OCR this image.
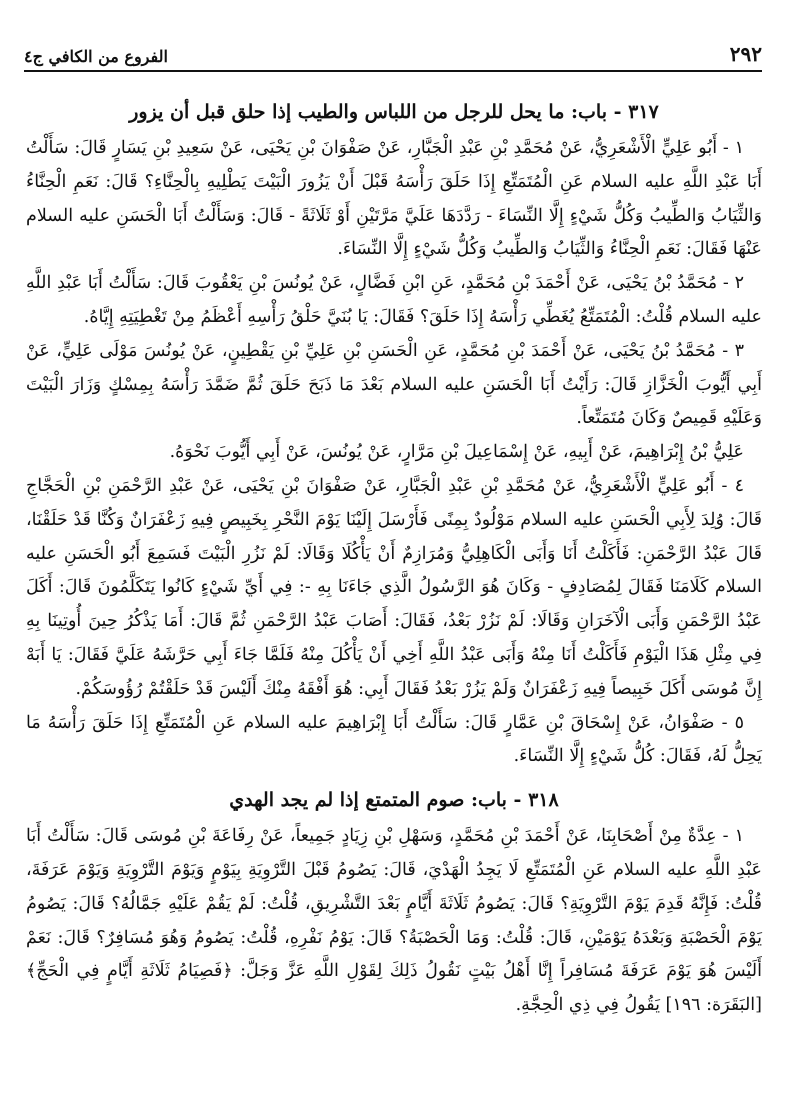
٢٩٢
الفروع من الكافي ج٤
٣١٧ - باب: ما يحل للرجل من اللباس والطيب إذا حلق قبل أن يزور

١ - أَبُو عَلِيٍّ الْأَشْعَرِيُّ، عَنْ مُحَمَّدِ بْنِ عَبْدِ الْجَبَّارِ، عَنْ صَفْوَانَ بْنِ يَحْيَى، عَنْ سَعِيدِ بْنِ يَسَارٍ قَالَ: سَأَلْتُ أَبَا عَبْدِ اللَّهِ عليه السلام عَنِ الْمُتَمَتِّعِ إِذَا حَلَقَ رَأْسَهُ قَبْلَ أَنْ يَزُورَ الْبَيْتَ يَطْلِيهِ بِالْحِنَّاءِ؟ قَالَ: نَعَمِ الْحِنَّاءُ وَالثِّيَابُ وَالطِّيبُ وَكُلُّ شَيْءٍ إِلَّا النِّسَاءَ - رَدَّدَهَا عَلَيَّ مَرَّتَيْنِ أَوْ ثَلَاثَةً - قَالَ: وَسَأَلْتُ أَبَا الْحَسَنِ عليه السلام عَنْهَا فَقَالَ: نَعَمِ الْحِنَّاءُ وَالثِّيَابُ وَالطِّيبُ وَكُلُّ شَيْءٍ إِلَّا النِّسَاءَ.

٢ - مُحَمَّدُ بْنُ يَحْيَى، عَنْ أَحْمَدَ بْنِ مُحَمَّدٍ، عَنِ ابْنِ فَضَّالٍ، عَنْ يُونُسَ بْنِ يَعْقُوبَ قَالَ: سَأَلْتُ أَبَا عَبْدِ اللَّهِ عليه السلام قُلْتُ: الْمُتَمَتِّعُ يُغَطِّي رَأْسَهُ إِذَا حَلَقَ؟ فَقَالَ: يَا بُنَيَّ حَلْقُ رَأْسِهِ أَعْظَمُ مِنْ تَغْطِيَتِهِ إِيَّاهُ.

٣ - مُحَمَّدُ بْنُ يَحْيَى، عَنْ أَحْمَدَ بْنِ مُحَمَّدٍ، عَنِ الْحَسَنِ بْنِ عَلِيِّ بْنِ يَقْطِينٍ، عَنْ يُونُسَ مَوْلَى عَلِيٍّ، عَنْ أَبِي أَيُّوبَ الْخَزَّازِ قَالَ: رَأَيْتُ أَبَا الْحَسَنِ عليه السلام بَعْدَ مَا ذَبَحَ حَلَقَ ثُمَّ ضَمَّدَ رَأْسَهُ بِمِسْكٍ وَزَارَ الْبَيْتَ وَعَلَيْهِ قَمِيصٌ وَكَانَ مُتَمَتِّعاً.

عَلِيُّ بْنُ إِبْرَاهِيمَ، عَنْ أَبِيهِ، عَنْ إِسْمَاعِيلَ بْنِ مَرَّارٍ، عَنْ يُونُسَ، عَنْ أَبِي أَيُّوبَ نَحْوَهُ.

٤ - أَبُو عَلِيٍّ الْأَشْعَرِيُّ، عَنْ مُحَمَّدِ بْنِ عَبْدِ الْجَبَّارِ، عَنْ صَفْوَانَ بْنِ يَحْيَى، عَنْ عَبْدِ الرَّحْمَنِ بْنِ الْحَجَّاجِ قَالَ: وُلِدَ لِأَبِي الْحَسَنِ عليه السلام مَوْلُودٌ بِمِنًى فَأَرْسَلَ إِلَيْنَا يَوْمَ النَّحْرِ بِخَبِيصٍ فِيهِ زَعْفَرَانٌ وَكُنَّا قَدْ حَلَقْنَا، قَالَ عَبْدُ الرَّحْمَنِ: فَأَكَلْتُ أَنَا وَأَبَى الْكَاهِلِيُّ وَمُرَازِمٌ أَنْ يَأْكُلَا وَقَالَا: لَمْ نَزُرِ الْبَيْتَ فَسَمِعَ أَبُو الْحَسَنِ عليه السلام كَلَامَنَا فَقَالَ لِمُصَادِفٍ - وَكَانَ هُوَ الرَّسُولُ الَّذِي جَاءَنَا بِهِ -: فِي أَيِّ شَيْءٍ كَانُوا يَتَكَلَّمُونَ قَالَ: أَكَلَ عَبْدُ الرَّحْمَنِ وَأَبَى الْآخَرَانِ وَقَالَا: لَمْ نَزُرْ بَعْدُ، فَقَالَ: أَصَابَ عَبْدُ الرَّحْمَنِ ثُمَّ قَالَ: أَمَا يَذْكُرُ حِينَ أُوتِينَا بِهِ فِي مِثْلِ هَذَا الْيَوْمِ فَأَكَلْتُ أَنَا مِنْهُ وَأَبَى عَبْدُ اللَّهِ أَخِي أَنْ يَأْكُلَ مِنْهُ فَلَمَّا جَاءَ أَبِي حَرَّشَهُ عَلَيَّ فَقَالَ: يَا أَبَهْ إِنَّ مُوسَى أَكَلَ خَبِيصاً فِيهِ زَعْفَرَانٌ وَلَمْ يَزُرْ بَعْدُ فَقَالَ أَبِي: هُوَ أَفْقَهُ مِنْكَ أَلَيْسَ قَدْ حَلَقْتُمْ رُؤُوسَكُمْ.

٥ - صَفْوَانُ، عَنْ إِسْحَاقَ بْنِ عَمَّارٍ قَالَ: سَأَلْتُ أَبَا إِبْرَاهِيمَ عليه السلام عَنِ الْمُتَمَتِّعِ إِذَا حَلَقَ رَأْسَهُ مَا يَحِلُّ لَهُ، فَقَالَ: كُلُّ شَيْءٍ إِلَّا النِّسَاءَ.

٣١٨ - باب: صوم المتمتع إذا لم يجد الهدي

١ - عِدَّةٌ مِنْ أَصْحَابِنَا، عَنْ أَحْمَدَ بْنِ مُحَمَّدٍ، وَسَهْلِ بْنِ زِيَادٍ جَمِيعاً، عَنْ رِفَاعَةَ بْنِ مُوسَى قَالَ: سَأَلْتُ أَبَا عَبْدِ اللَّهِ عليه السلام عَنِ الْمُتَمَتِّعِ لَا يَجِدُ الْهَدْيَ، قَالَ: يَصُومُ قَبْلَ التَّرْوِيَةِ بِيَوْمٍ وَيَوْمَ التَّرْوِيَةِ وَيَوْمَ عَرَفَةَ، قُلْتُ: فَإِنَّهُ قَدِمَ يَوْمَ التَّرْوِيَةِ؟ قَالَ: يَصُومُ ثَلَاثَةَ أَيَّامٍ بَعْدَ التَّشْرِيقِ، قُلْتُ: لَمْ يَقُمْ عَلَيْهِ جَمَّالُهُ؟ قَالَ: يَصُومُ يَوْمَ الْحَصْبَةِ وَبَعْدَهُ يَوْمَيْنِ، قَالَ: قُلْتُ: وَمَا الْحَصْبَةُ؟ قَالَ: يَوْمُ نَفْرِهِ، قُلْتُ: يَصُومُ وَهُوَ مُسَافِرٌ؟ قَالَ: نَعَمْ أَلَيْسَ هُوَ يَوْمَ عَرَفَةَ مُسَافِراً إِنَّا أَهْلُ بَيْتٍ نَقُولُ ذَلِكَ لِقَوْلِ اللَّهِ عَزَّ وَجَلَّ: ﴿فَصِيَامُ ثَلَاثَةِ أَيَّامٍ فِي الْحَجِّ﴾ [البَقَرَة: ١٩٦] يَقُولُ فِي ذِي الْحِجَّةِ.
